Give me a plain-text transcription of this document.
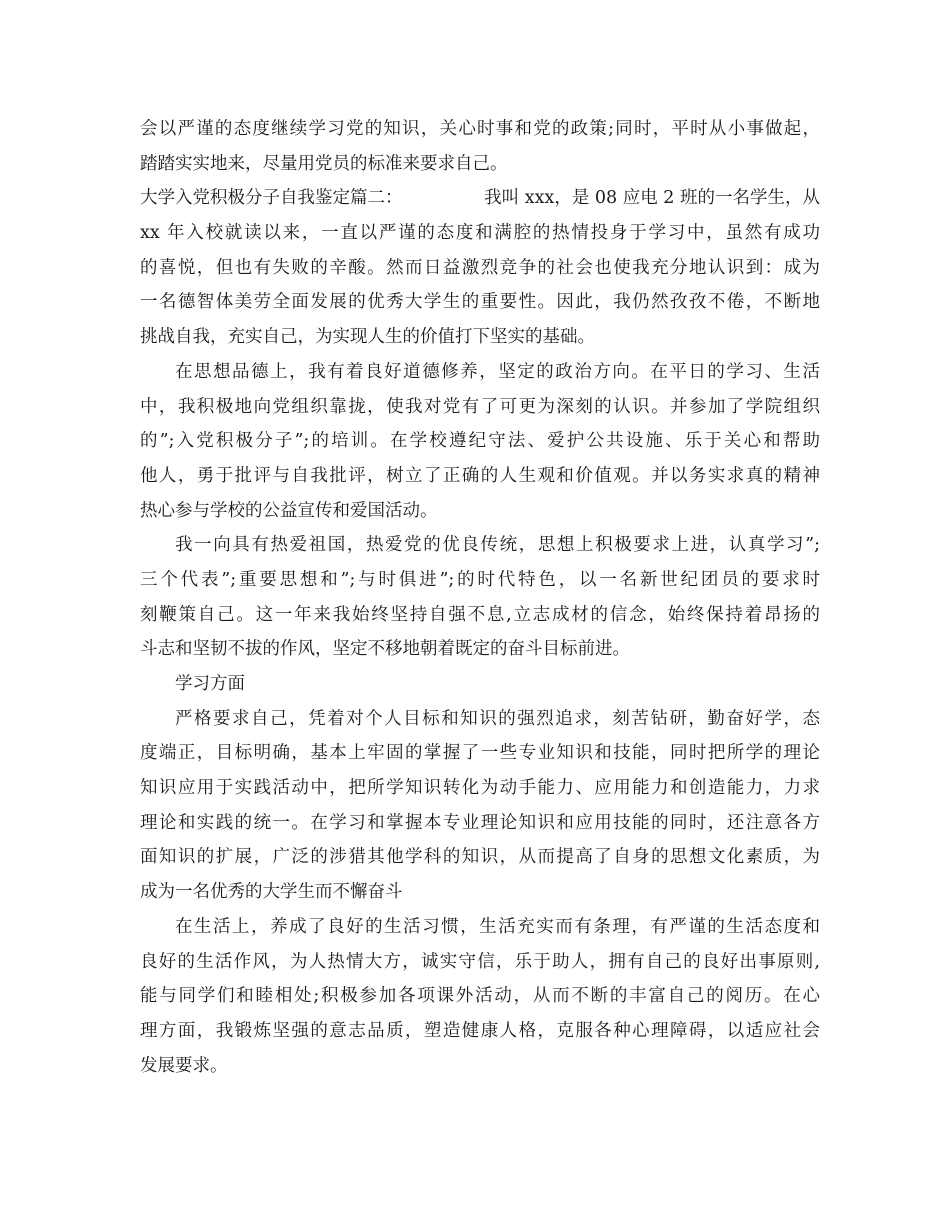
会以严谨的态度继续学习党的知识，关心时事和党的政策;同时，平时从小事做起，
踏踏实实地来，尽量用党员的标准来要求自己。
大学入党积极分子自我鉴定篇二：	我叫 xxx，是 08 应电 2 班的一名学生，从
xx 年入校就读以来，一直以严谨的态度和满腔的热情投身于学习中，虽然有成功
的喜悦，但也有失败的辛酸。然而日益激烈竞争的社会也使我充分地认识到：成为
一名德智体美劳全面发展的优秀大学生的重要性。因此，我仍然孜孜不倦，不断地
挑战自我，充实自己，为实现人生的价值打下坚实的基础。
在思想品德上，我有着良好道德修养，坚定的政治方向。在平日的学习、生活
中，我积极地向党组织靠拢，使我对党有了可更为深刻的认识。并参加了学院组织
的”;入党积极分子”;的培训。在学校遵纪守法、爱护公共设施、乐于关心和帮助
他人，勇于批评与自我批评，树立了正确的人生观和价值观。并以务实求真的精神
热心参与学校的公益宣传和爱国活动。
我一向具有热爱祖国，热爱党的优良传统，思想上积极要求上进，认真学习”;
三个代表”;重要思想和”;与时俱进”;的时代特色，以一名新世纪团员的要求时
刻鞭策自己。这一年来我始终坚持自强不息,立志成材的信念，始终保持着昂扬的
斗志和坚韧不拔的作风，坚定不移地朝着既定的奋斗目标前进。
学习方面
严格要求自己，凭着对个人目标和知识的强烈追求，刻苦钻研，勤奋好学，态
度端正，目标明确，基本上牢固的掌握了一些专业知识和技能，同时把所学的理论
知识应用于实践活动中，把所学知识转化为动手能力、应用能力和创造能力，力求
理论和实践的统一。在学习和掌握本专业理论知识和应用技能的同时，还注意各方
面知识的扩展，广泛的涉猎其他学科的知识，从而提高了自身的思想文化素质，为
成为一名优秀的大学生而不懈奋斗
在生活上，养成了良好的生活习惯，生活充实而有条理，有严谨的生活态度和
良好的生活作风，为人热情大方，诚实守信，乐于助人，拥有自己的良好出事原则,
能与同学们和睦相处;积极参加各项课外活动，从而不断的丰富自己的阅历。在心
理方面，我锻炼坚强的意志品质，塑造健康人格，克服各种心理障碍，以适应社会
发展要求。
